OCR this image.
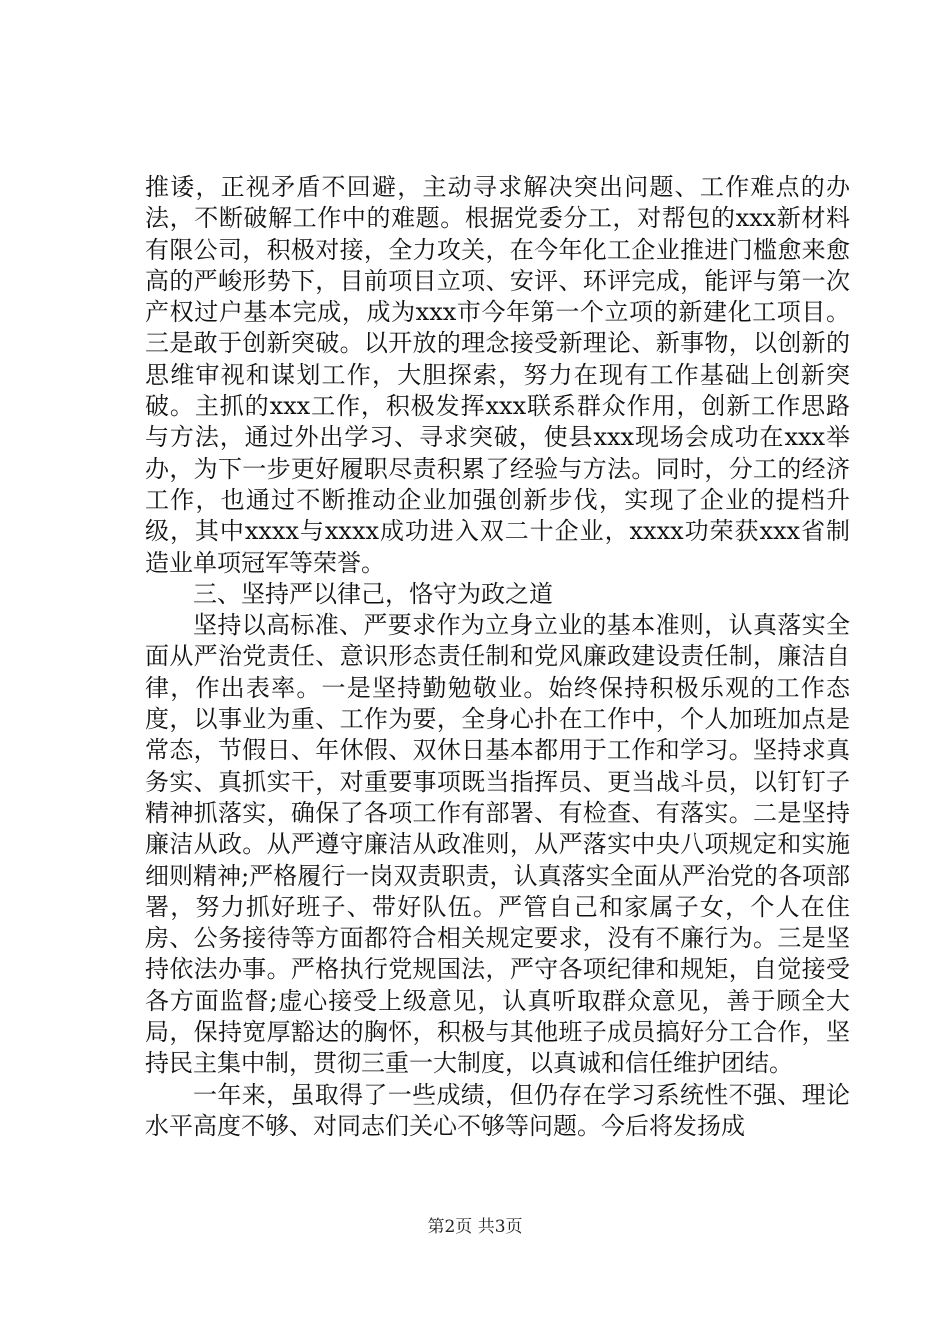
推诿，正视矛盾不回避，主动寻求解决突出问题、工作难点的办法，不断破解工作中的难题。根据党委分工，对帮包的xxx新材料有限公司，积极对接，全力攻关，在今年化工企业推进门槛愈来愈高的严峻形势下，目前项目立项、安评、环评完成，能评与第一次产权过户基本完成，成为xxx市今年第一个立项的新建化工项目。三是敢于创新突破。以开放的理念接受新理论、新事物，以创新的思维审视和谋划工作，大胆探索，努力在现有工作基础上创新突破。主抓的xxx工作，积极发挥xxx联系群众作用，创新工作思路与方法，通过外出学习、寻求突破，使县xxx现场会成功在xxx举办，为下一步更好履职尽责积累了经验与方法。同时，分工的经济工作，也通过不断推动企业加强创新步伐，实现了企业的提档升级，其中xxxx与xxxx成功进入双二十企业，xxxx功荣获xxx省制造业单项冠军等荣誉。

三、坚持严以律己，恪守为政之道

坚持以高标准、严要求作为立身立业的基本准则，认真落实全面从严治党责任、意识形态责任制和党风廉政建设责任制，廉洁自律，作出表率。一是坚持勤勉敬业。始终保持积极乐观的工作态度，以事业为重、工作为要，全身心扑在工作中，个人加班加点是常态，节假日、年休假、双休日基本都用于工作和学习。坚持求真务实、真抓实干，对重要事项既当指挥员、更当战斗员，以钉钉子精神抓落实，确保了各项工作有部署、有检查、有落实。二是坚持廉洁从政。从严遵守廉洁从政准则，从严落实中央八项规定和实施细则精神;严格履行一岗双责职责，认真落实全面从严治党的各项部署，努力抓好班子、带好队伍。严管自己和家属子女，个人在住房、公务接待等方面都符合相关规定要求，没有不廉行为。三是坚持依法办事。严格执行党规国法，严守各项纪律和规矩，自觉接受各方面监督;虚心接受上级意见，认真听取群众意见，善于顾全大局，保持宽厚豁达的胸怀，积极与其他班子成员搞好分工合作，坚持民主集中制，贯彻三重一大制度，以真诚和信任维护团结。

一年来，虽取得了一些成绩，但仍存在学习系统性不强、理论水平高度不够、对同志们关心不够等问题。今后将发扬成

第2页 共3页
